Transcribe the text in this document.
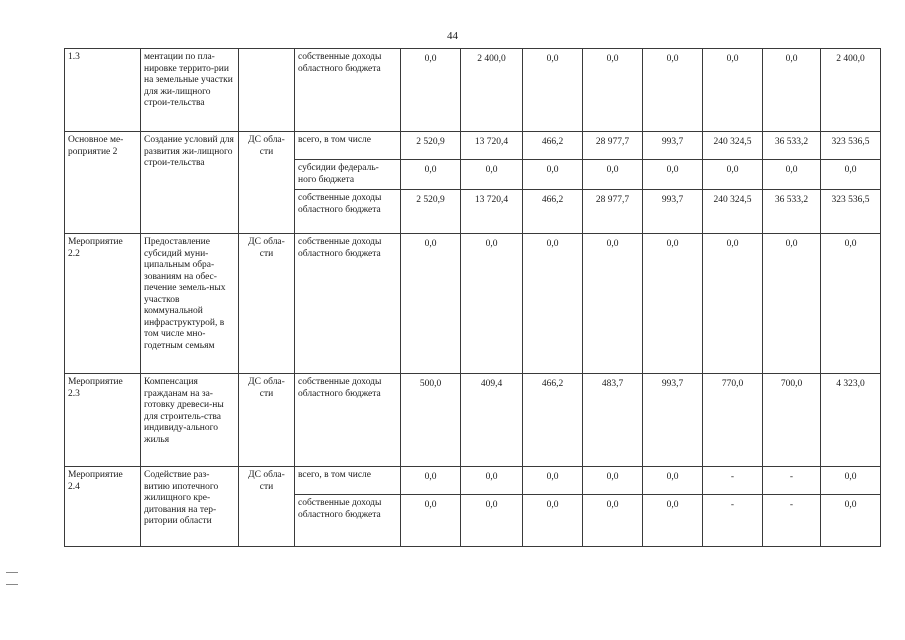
44
1.3	ментации по пла-нировке террито-рии на земельные участки для жи-лищного строи-тельства		собственные доходы областного бюджета	0,0	2 400,0	0,0	0,0	0,0	0,0	0,0	2 400,0

Основное ме-роприятие 2	Создание условий для развития жи-лищного строи-тельства	ДС обла-сти	всего, в том числе	2 520,9	13 720,4	466,2	28 977,7	993,7	240 324,5	36 533,2	323 536,5

			субсидии федераль-ного бюджета	0,0	0,0	0,0	0,0	0,0	0,0	0,0	0,0

			собственные доходы областного бюджета	2 520,9	13 720,4	466,2	28 977,7	993,7	240 324,5	36 533,2	323 536,5

Мероприятие 2.2	Предоставление субсидий муни-ципальным обра-зованиям на обес-печение земель-ных участков коммунальной инфраструктурой, в том числе мно-годетным семьям	ДС обла-сти	собственные доходы областного бюджета	0,0	0,0	0,0	0,0	0,0	0,0	0,0	0,0

Мероприятие 2.3	Компенсация гражданам на за-готовку древеси-ны для строитель-ства индивиду-ального жилья	ДС обла-сти	собственные доходы областного бюджета	500,0	409,4	466,2	483,7	993,7	770,0	700,0	4 323,0

Мероприятие 2.4	Содействие раз-витию ипотечного жилищного кре-дитования на тер-ритории области	ДС обла-сти	всего, в том числе	0,0	0,0	0,0	0,0	0,0	-	-	0,0

			собственные доходы областного бюджета	0,0	0,0	0,0	0,0	0,0	-	-	0,0
